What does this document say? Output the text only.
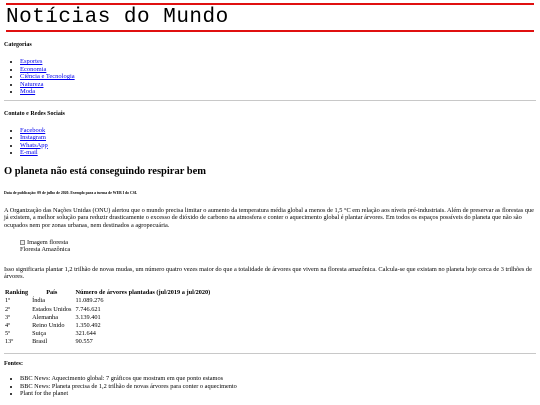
Notícias do Mundo
Categorias
• Esportes
• Economia
• Ciência e Tecnologia
• Natureza
• Moda
Contato e Redes Sociais
• Facebook
• Instagram
• WhatsApp
• E-mail
O planeta não está conseguindo respirar bem

Data de publicação: 09 de julho de 2020. Exemplo para a turma de WEB I do CSI.

A Organização das Nações Unidas (ONU) alertou que o mundo precisa limitar o aumento da temperatura média global a menos de 1,5 °C em relação aos níveis pré-industriais. Além de preservar as florestas que já existem, a melhor solução para reduzir drasticamente o excesso de dióxido de carbono na atmosfera e conter o aquecimento global é plantar árvores. Em todos os espaços possíveis do planeta que não são ocupados nem por zonas urbanas, nem destinados a agropecuária.

Imagem floresta
Floresta Amazônica

Isso significaria plantar 1,2 trilhão de novas mudas, um número quatro vezes maior do que a totalidade de árvores que vivem na floresta amazônica. Calcula-se que existam no planeta hoje cerca de 3 trilhões de árvores.

Ranking	País	Número de árvores plantadas (jul/2019 a jul/2020)
1º	Índia	11.089.276
2º	Estados Unidos	7.746.621
3º	Alemanha	3.139.401
4º	Reino Unido	1.350.492
5º	Suiça	321.644
13º	Brasil	90.557
Fontes:
• BBC News: Aquecimento global: 7 gráficos que mostram em que ponto estamos
• BBC News: Planeta precisa de 1,2 trilhão de novas árvores para conter o aquecimento
• Plant for the planet
